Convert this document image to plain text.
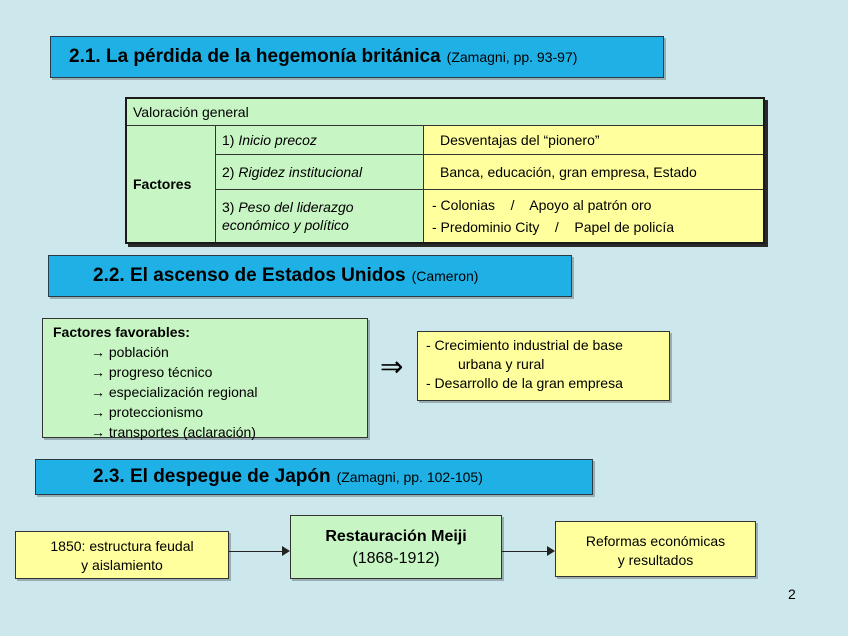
2.1. La pérdida de la hegemonía británica (Zamagni, pp. 93-97)
Valoración general		
Factores	1) Inicio precoz	Desventajas del “pionero”
	2) Rigidez institucional	Banca, educación, gran empresa, Estado
	3) Peso del liderazgo económico y político	- Colonias    /    Apoyo al patrón oro
- Predominio City    /    Papel de policía
2.2. El ascenso de Estados Unidos (Cameron)
Factores favorables:
→ población
→ progreso técnico
→ especialización regional
→ proteccionismo
→ transportes (aclaración)
⇒
- Crecimiento industrial de base
urbana y rural
- Desarrollo de la gran empresa
2.3. El despegue de Japón (Zamagni, pp. 102-105)
1850: estructura feudal
y aislamiento
Restauración Meiji
(1868-1912)
Reformas económicas
y resultados
2
